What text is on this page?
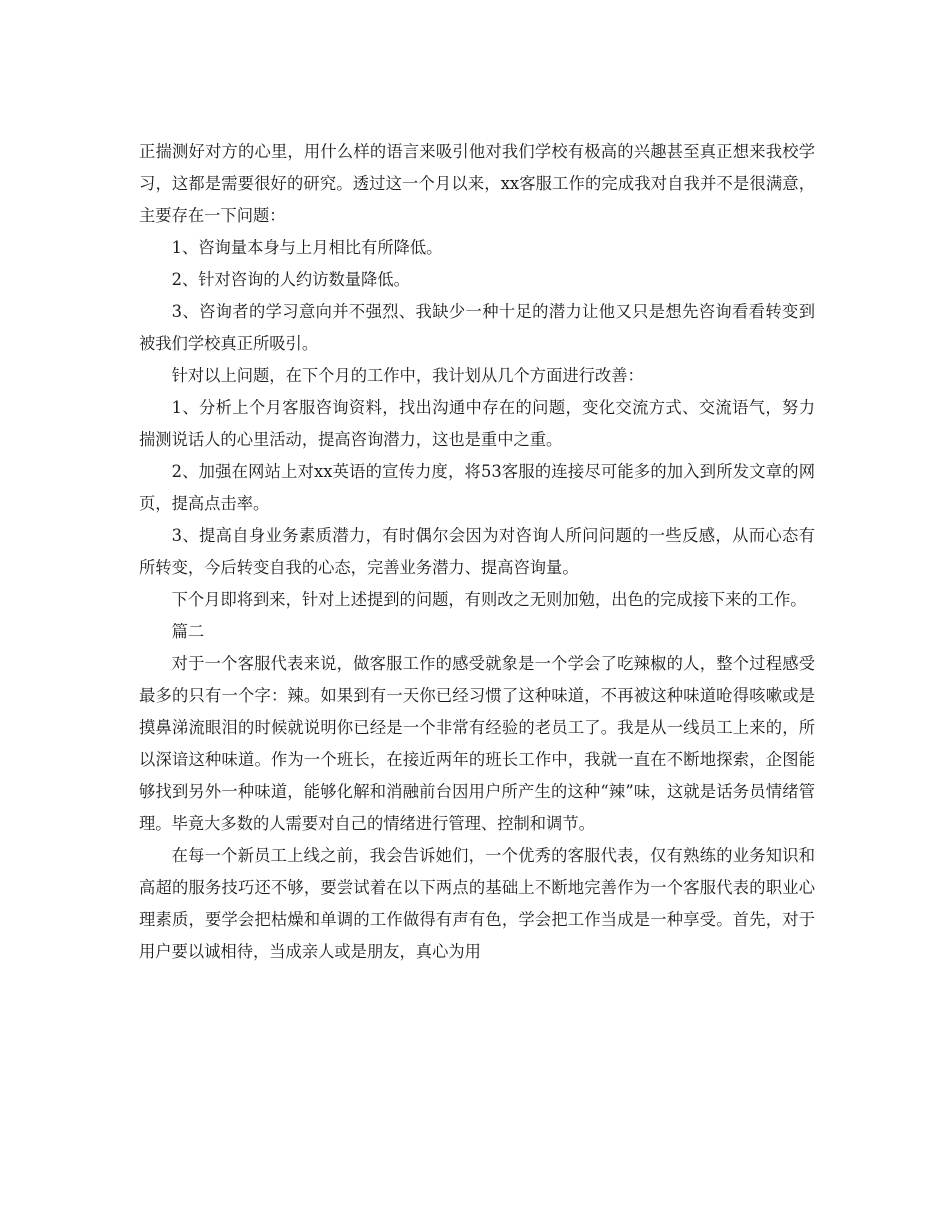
正揣测好对方的心里，用什么样的语言来吸引他对我们学校有极高的兴趣甚至真正想来我校学习，这都是需要很好的研究。透过这一个月以来，xx客服工作的完成我对自我并不是很满意，主要存在一下问题：

1、咨询量本身与上月相比有所降低。

2、针对咨询的人约访数量降低。

3、咨询者的学习意向并不强烈、我缺少一种十足的潜力让他又只是想先咨询看看转变到被我们学校真正所吸引。

针对以上问题，在下个月的工作中，我计划从几个方面进行改善：

1、分析上个月客服咨询资料，找出沟通中存在的问题，变化交流方式、交流语气，努力揣测说话人的心里活动，提高咨询潜力，这也是重中之重。

2、加强在网站上对xx英语的宣传力度，将53客服的连接尽可能多的加入到所发文章的网页，提高点击率。

3、提高自身业务素质潜力，有时偶尔会因为对咨询人所问问题的一些反感，从而心态有所转变，今后转变自我的心态，完善业务潜力、提高咨询量。

下个月即将到来，针对上述提到的问题，有则改之无则加勉，出色的完成接下来的工作。

篇二

对于一个客服代表来说，做客服工作的感受就象是一个学会了吃辣椒的人，整个过程感受最多的只有一个字：辣。如果到有一天你已经习惯了这种味道，不再被这种味道呛得咳嗽或是摸鼻涕流眼泪的时候就说明你已经是一个非常有经验的老员工了。我是从一线员工上来的，所以深谙这种味道。作为一个班长，在接近两年的班长工作中，我就一直在不断地探索，企图能够找到另外一种味道，能够化解和消融前台因用户所产生的这种“辣”味，这就是话务员情绪管理。毕竟大多数的人需要对自己的情绪进行管理、控制和调节。

在每一个新员工上线之前，我会告诉她们，一个优秀的客服代表，仅有熟练的业务知识和高超的服务技巧还不够，要尝试着在以下两点的基础上不断地完善作为一个客服代表的职业心理素质，要学会把枯燥和单调的工作做得有声有色，学会把工作当成是一种享受。首先，对于用户要以诚相待，当成亲人或是朋友，真心为用
